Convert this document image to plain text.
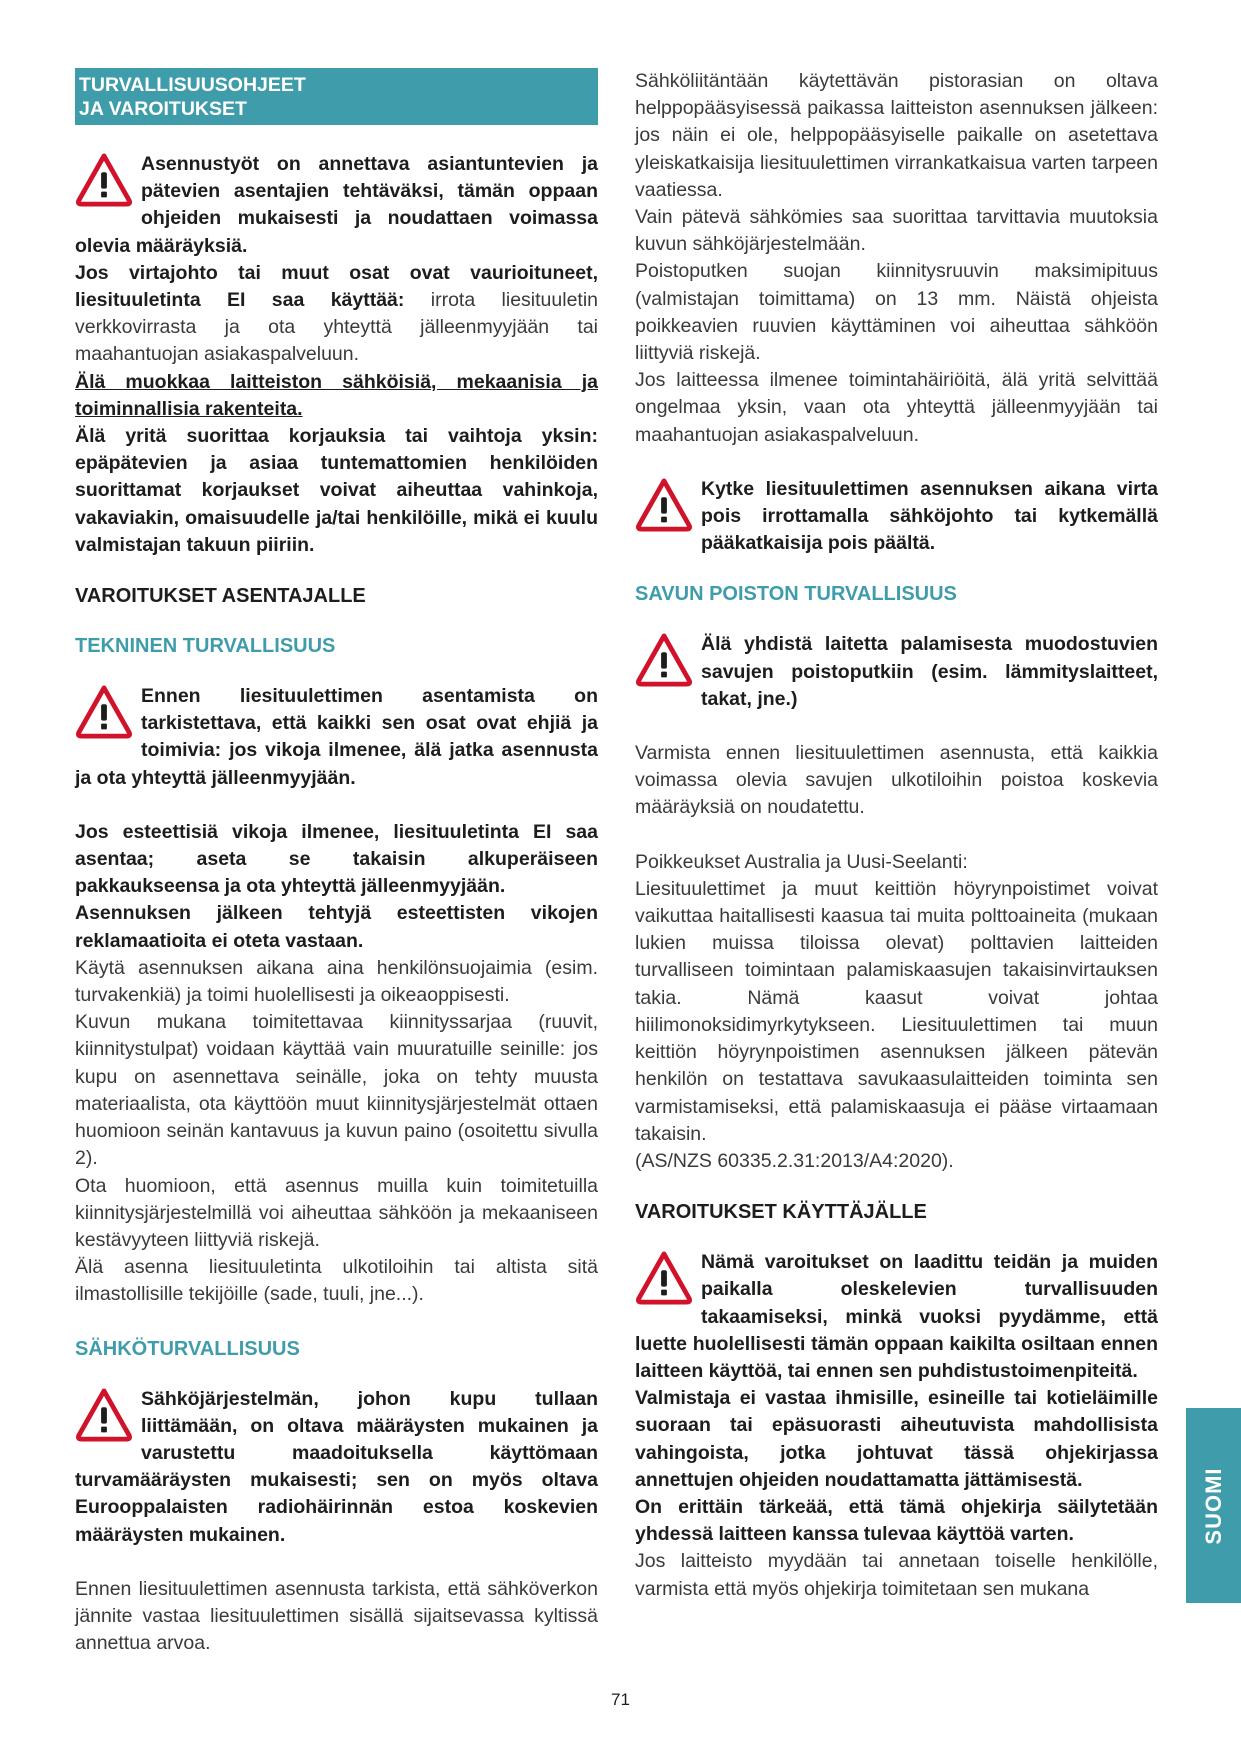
TURVALLISUUSOHJEET
JA VAROITUKSET

Asennustyöt on annettava asiantuntevien ja pätevien asentajien tehtäväksi, tämän oppaan ohjeiden mukaisesti ja noudattaen voimassa olevia määräyksiä.

Jos virtajohto tai muut osat ovat vaurioituneet, liesituuletinta EI saa käyttää: irrota liesituuletin verkkovirrasta ja ota yhteyttä jälleenmyyjään tai maahantuojan asiakaspalveluun.

Älä muokkaa laitteiston sähköisiä, mekaanisia ja toiminnallisia rakenteita.

Älä yritä suorittaa korjauksia tai vaihtoja yksin: epäpätevien ja asiaa tuntemattomien henkilöiden suorittamat korjaukset voivat aiheuttaa vahinkoja, vakaviakin, omaisuudelle ja/tai henkilöille, mikä ei kuulu valmistajan takuun piiriin.

VAROITUKSET ASENTAJALLE
TEKNINEN TURVALLISUUS

Ennen liesituulettimen asentamista on tarkistettava, että kaikki sen osat ovat ehjiä ja toimivia: jos vikoja ilmenee, älä jatka asennusta ja ota yhteyttä jälleenmyyjään.

Jos esteettisiä vikoja ilmenee, liesituuletinta EI saa asentaa; aseta se takaisin alkuperäiseen pakkaukseensa ja ota yhteyttä jälleenmyyjään.

Asennuksen jälkeen tehtyjä esteettisten vikojen reklamaatioita ei oteta vastaan.

Käytä asennuksen aikana aina henkilönsuojaimia (esim. turvakenkiä) ja toimi huolellisesti ja oikeaoppisesti.

Kuvun mukana toimitettavaa kiinnityssarjaa (ruuvit, kiinnitystulpat) voidaan käyttää vain muuratuille seinille: jos kupu on asennettava seinälle, joka on tehty muusta materiaalista, ota käyttöön muut kiinnitysjärjestelmät ottaen huomioon seinän kantavuus ja kuvun paino (osoitettu sivulla 2).

Ota huomioon, että asennus muilla kuin toimitetuilla kiinnitysjärjestelmillä voi aiheuttaa sähköön ja mekaaniseen kestävyyteen liittyviä riskejä.

Älä asenna liesituuletinta ulkotiloihin tai altista sitä ilmastollisille tekijöille (sade, tuuli, jne...).

SÄHKÖTURVALLISUUS

Sähköjärjestelmän, johon kupu tullaan liittämään, on oltava määräysten mukainen ja varustettu maadoituksella käyttömaan turvamääräysten mukaisesti; sen on myös oltava Eurooppalaisten radiohäirinnän estoa koskevien määräysten mukainen.

Ennen liesituulettimen asennusta tarkista, että sähköverkon jännite vastaa liesituulettimen sisällä sijaitsevassa kyltissä annettua arvoa.

Sähköliitäntään käytettävän pistorasian on oltava helppopääsyisessä paikassa laitteiston asennuksen jälkeen: jos näin ei ole, helppopääsyiselle paikalle on asetettava yleiskatkaisija liesituulettimen virrankatkaisua varten tarpeen vaatiessa.

Vain pätevä sähkömies saa suorittaa tarvittavia muutoksia kuvun sähköjärjestelmään.

Poistoputken suojan kiinnitysruuvin maksimipituus (valmistajan toimittama) on 13 mm. Näistä ohjeista poikkeavien ruuvien käyttäminen voi aiheuttaa sähköön liittyviä riskejä.

Jos laitteessa ilmenee toimintahäiriöitä, älä yritä selvittää ongelmaa yksin, vaan ota yhteyttä jälleenmyyjään tai maahantuojan asiakaspalveluun.

Kytke liesituulettimen asennuksen aikana virta pois irrottamalla sähköjohto tai kytkemällä pääkatkaisija pois päältä.

SAVUN POISTON TURVALLISUUS

Älä yhdistä laitetta palamisesta muodostuvien savujen poistoputkiin (esim. lämmityslaitteet, takat, jne.)

Varmista ennen liesituulettimen asennusta, että kaikkia voimassa olevia savujen ulkotiloihin poistoa koskevia määräyksiä on noudatettu.

Poikkeukset Australia ja Uusi-Seelanti:

Liesituulettimet ja muut keittiön höyrynpoistimet voivat vaikuttaa haitallisesti kaasua tai muita polttoaineita (mukaan lukien muissa tiloissa olevat) polttavien laitteiden turvalliseen toimintaan palamiskaasujen takaisinvirtauksen takia. Nämä kaasut voivat johtaa hiilimonoksidimyrkytykseen. Liesituulettimen tai muun keittiön höyrynpoistimen asennuksen jälkeen pätevän henkilön on testattava savukaasulaitteiden toiminta sen varmistamiseksi, että palamiskaasuja ei pääse virtaamaan takaisin.

(AS/NZS 60335.2.31:2013/A4:2020).

VAROITUKSET KÄYTTÄJÄLLE

Nämä varoitukset on laadittu teidän ja muiden paikalla oleskelevien turvallisuuden takaamiseksi, minkä vuoksi pyydämme, että luette huolellisesti tämän oppaan kaikilta osiltaan ennen laitteen käyttöä, tai ennen sen puhdistustoimenpiteitä.

Valmistaja ei vastaa ihmisille, esineille tai kotieläimille suoraan tai epäsuorasti aiheutuvista mahdollisista vahingoista, jotka johtuvat tässä ohjekirjassa annettujen ohjeiden noudattamatta jättämisestä.

On erittäin tärkeää, että tämä ohjekirja säilytetään yhdessä laitteen kanssa tulevaa käyttöä varten.

Jos laitteisto myydään tai annetaan toiselle henkilölle, varmista että myös ohjekirja toimitetaan sen mukana

SUOMI
71
